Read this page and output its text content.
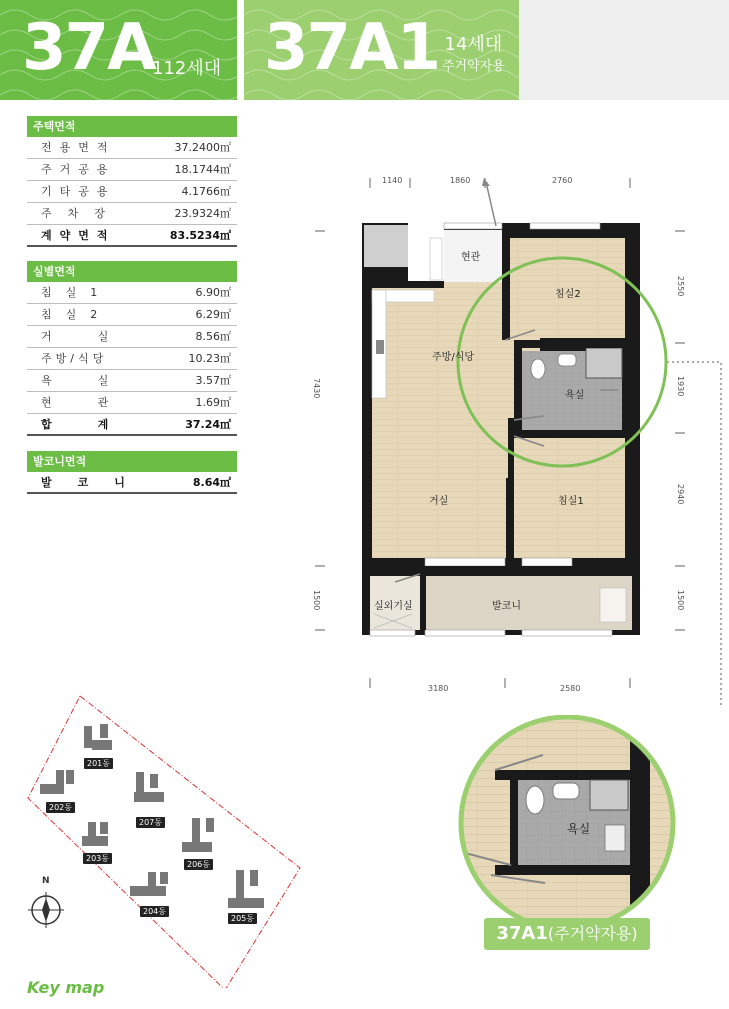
37A
112세대 37A1 14세대
주거약자용
주택면적
전용면적	37.2400㎡
주거공용	18.1744㎡
기타공용	4.1766㎡
주차장	23.9324㎡
계약면적	83.5234㎡
실별면적
침실1	6.90㎡
침실2	6.29㎡
거실	8.56㎡
주방/식당	10.23㎡
욕실	3.57㎡
현관	1.69㎡
합계	37.24㎡
발코니면적
발코니	8.64㎡
1140	1860	2760
3180	2580
7430
1500
2550
1930
2940
1500
현관
침실2
주방/식당
욕실
거실	침실1
실외기실	발코니
욕실
37A1(주거약자용)
201동
202동
207동
203동
206동
204동
205동
N
Key map
